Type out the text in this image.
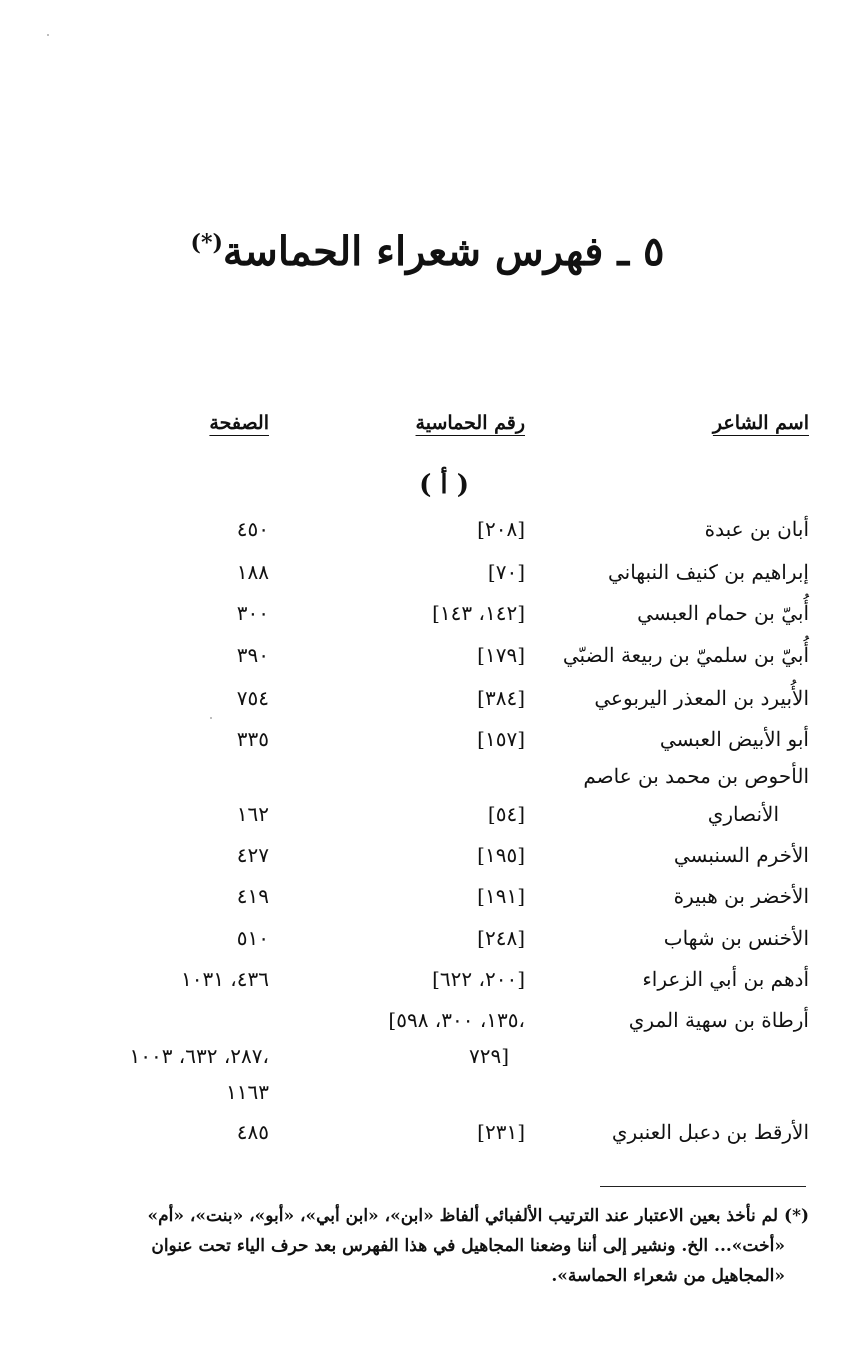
٥ ـ فهرس شعراء الحماسة(*)
اسم الشاعر
رقم الحماسية
الصفحة
( أ )
أبان بن عبدة
[٢٠٨]
٤٥٠
إبراهيم بن كنيف النبهاني
[٧٠]
١٨٨
أُبيّ بن حمام العبسي
[١٤٢، ١٤٣]
٣٠٠
أُبيّ بن سلميّ بن ربيعة الضبّي
[١٧٩]
٣٩٠
الأُبيرد بن المعذر اليربوعي
[٣٨٤]
٧٥٤
أبو الأبيض العبسي
[١٥٧]
٣٣٥
الأحوص بن محمد بن عاصم
الأنصاري
[٥٤]
١٦٢
الأخرم السنبسي
[١٩٥]
٤٢٧
الأخضر بن هبيرة
[١٩١]
٤١٩
الأخنس بن شهاب
[٢٤٨]
٥١٠
أدهم بن أبي الزعراء
[٢٠٠، ٦٢٢]
٤٣٦، ١٠٣١
أرطاة بن سهية المري
[١٣٥، ٣٠٠، ٥٩٨،
٧٢٩]
٢٨٧، ٦٣٢، ١٠٠٣،
١١٦٣
الأرقط بن دعبل العنبري
[٢٣١]
٤٨٥
(*) لم نأخذ بعين الاعتبار عند الترتيب الألفبائي ألفاظ «ابن»، «ابن أبي»، «أبو»، «بنت»، «أم»
«أخت»... الخ. ونشير إلى أننا وضعنا المجاهيل في هذا الفهرس بعد حرف الياء تحت عنوان
«المجاهيل من شعراء الحماسة».
